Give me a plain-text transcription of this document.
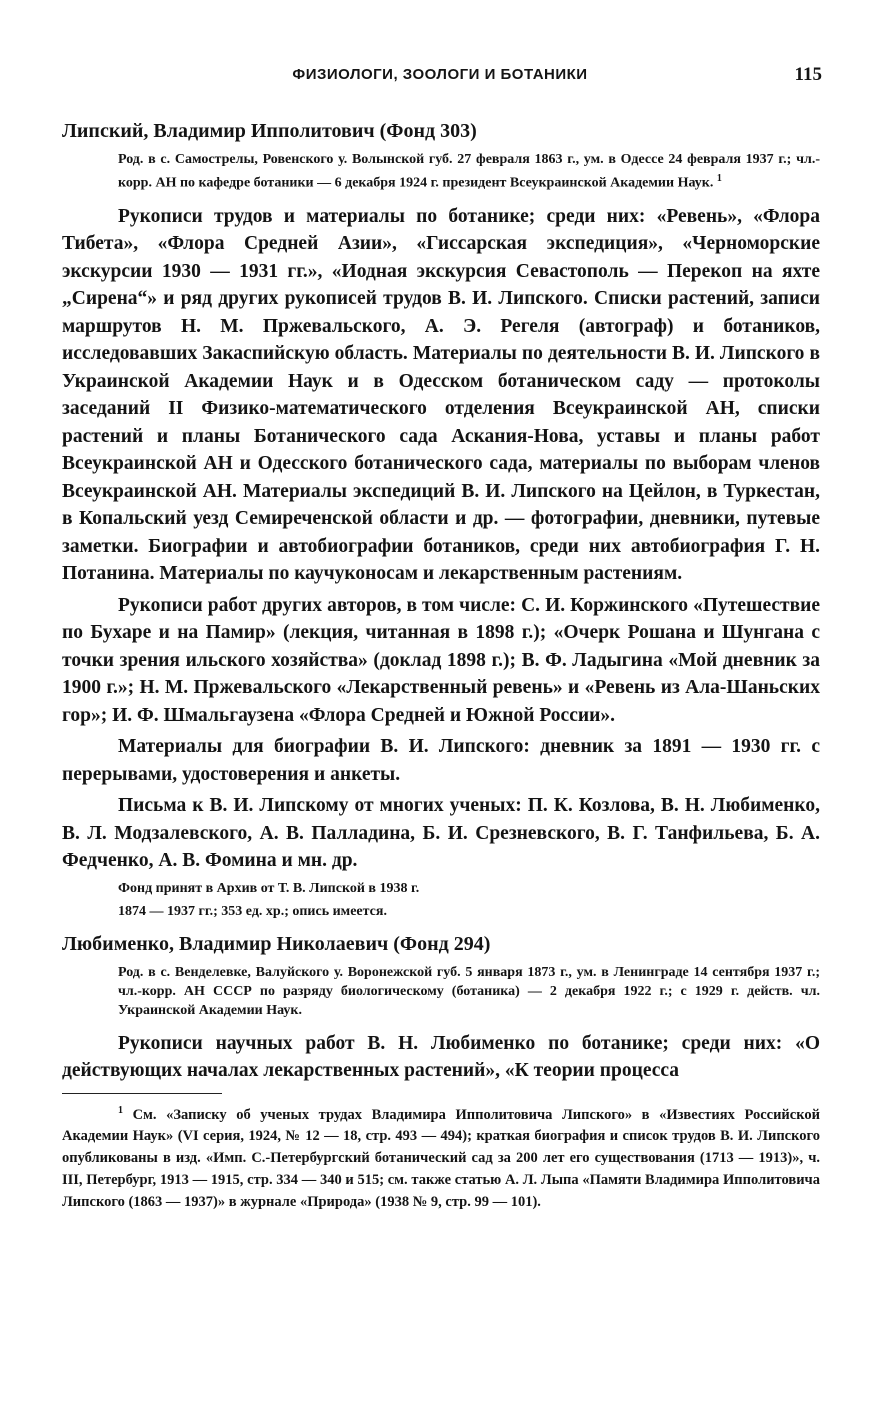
ФИЗИОЛОГИ, ЗООЛОГИ И БОТАНИКИ	115
Липский, Владимир Ипполитович (Фонд 303)

Род. в с. Самострелы, Ровенского у. Волынской губ. 27 февраля 1863 г., ум. в Одессе 24 февраля 1937 г.; чл.-корр. АН по кафедре ботаники — 6 декабря 1924 г. президент Всеукраинской Академии Наук. $^1$

Рукописи трудов и материалы по ботанике; среди них: «Ревень», «Флора Тибета», «Флора Средней Азии», «Гиссарская экспедиция», «Черноморские экскурсии 1930 — 1931 гг.», «Иодная экскурсия Севастополь — Перекоп на яхте „Сирена“» и ряд других рукописей трудов В. И. Липского. Списки растений, записи маршрутов Н. М. Пржевальского, А. Э. Регеля (автограф) и ботаников, исследовавших Закаспийскую область. Материалы по деятельности В. И. Липского в Украинской Академии Наук и в Одесском ботаническом саду — протоколы заседаний II Физико-математического отделения Всеукраинской АН, списки растений и планы Ботанического сада Аскания-Нова, уставы и планы работ Всеукраинской АН и Одесского ботанического сада, материалы по выборам членов Всеукраинской АН. Материалы экспедиций В. И. Липского на Цейлон, в Туркестан, в Копальский уезд Семиреченской области и др. — фотографии, дневники, путевые заметки. Биографии и автобиографии ботаников, среди них автобиография Г. Н. Потанина. Материалы по каучуконосам и лекарственным растениям.

Рукописи работ других авторов, в том числе: С. И. Коржинского «Путешествие по Бухаре и на Памир» (лекция, читанная в 1898 г.); «Очерк Рошана и Шунгана с точки зрения ильского хозяйства» (доклад 1898 г.); В. Ф. Ладыгина «Мой дневник за 1900 г.»; Н. М. Пржевальского «Лекарственный ревень» и «Ревень из Ала-Шаньских гор»; И. Ф. Шмальгаузена «Флора Средней и Южной России».

Материалы для биографии В. И. Липского: дневник за 1891 — 1930 гг. с перерывами, удостоверения и анкеты.

Письма к В. И. Липскому от многих ученых: П. К. Козлова, В. Н. Любименко, В. Л. Модзалевского, А. В. Палладина, Б. И. Срезневского, В. Г. Танфильева, Б. А. Федченко, А. В. Фомина и мн. др.

Фонд принят в Архив от Т. В. Липской в 1938 г.

1874 — 1937 гг.; 353 ед. хр.; опись имеется.

Любименко, Владимир Николаевич (Фонд 294)

Род. в с. Венделевке, Валуйского у. Воронежской губ. 5 января 1873 г., ум. в Ленинграде 14 сентября 1937 г.; чл.-корр. АН СССР по разряду биологическому (ботаника) — 2 декабря 1922 г.; с 1929 г. действ. чл. Украинской Академии Наук.

Рукописи научных работ В. Н. Любименко по ботанике; среди них: «О действующих началах лекарственных растений», «К теории процесса

$^1$ См. «Записку об ученых трудах Владимира Ипполитовича Липского» в «Известиях Российской Академии Наук» (VI серия, 1924, № 12 — 18, стр. 493 — 494); краткая биография и список трудов В. И. Липского опубликованы в изд. «Имп. С.-Петербургский ботанический сад за 200 лет его существования (1713 — 1913)», ч. III, Петербург, 1913 — 1915, стр. 334 — 340 и 515; см. также статью А. Л. Лыпа «Памяти Владимира Ипполитовича Липского (1863 — 1937)» в журнале «Природа» (1938 № 9, стр. 99 — 101).
